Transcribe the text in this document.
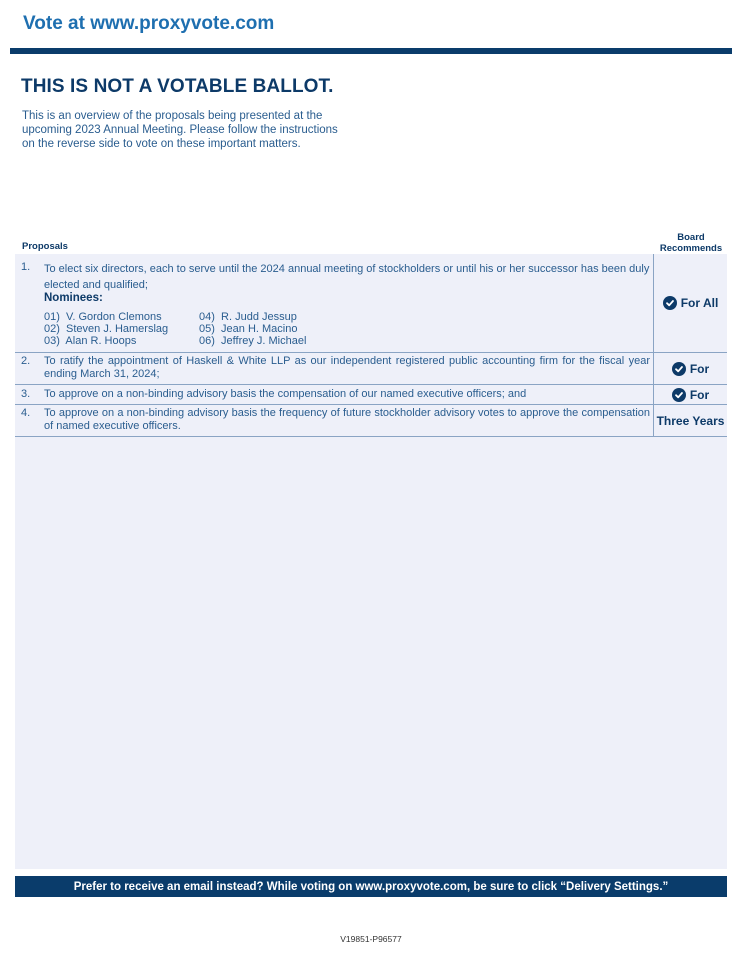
Vote at www.proxyvote.com
THIS IS NOT A VOTABLE BALLOT.
This is an overview of the proposals being presented at the
upcoming 2023 Annual Meeting. Please follow the instructions
on the reverse side to vote on these important matters.
Proposals
Board
Recommends
1. To elect six directors, each to serve until the 2024 annual meeting of stockholders or until his or her successor has been duly elected and qualified;
Nominees:
01) V. Gordon Clemons
02) Steven J. Hamerslag
03) Alan R. Hoops
04) R. Judd Jessup
05) Jean H. Macino
06) Jeffrey J. Michael
For All
2. To ratify the appointment of Haskell & White LLP as our independent registered public accounting firm for the fiscal year ending March 31, 2024;	For
3. To approve on a non-binding advisory basis the compensation of our named executive officers; and	For
4. To approve on a non-binding advisory basis the frequency of future stockholder advisory votes to approve the compensation of named executive officers.	Three Years
Prefer to receive an email instead? While voting on www.proxyvote.com, be sure to click “Delivery Settings.”
V19851-P96577
